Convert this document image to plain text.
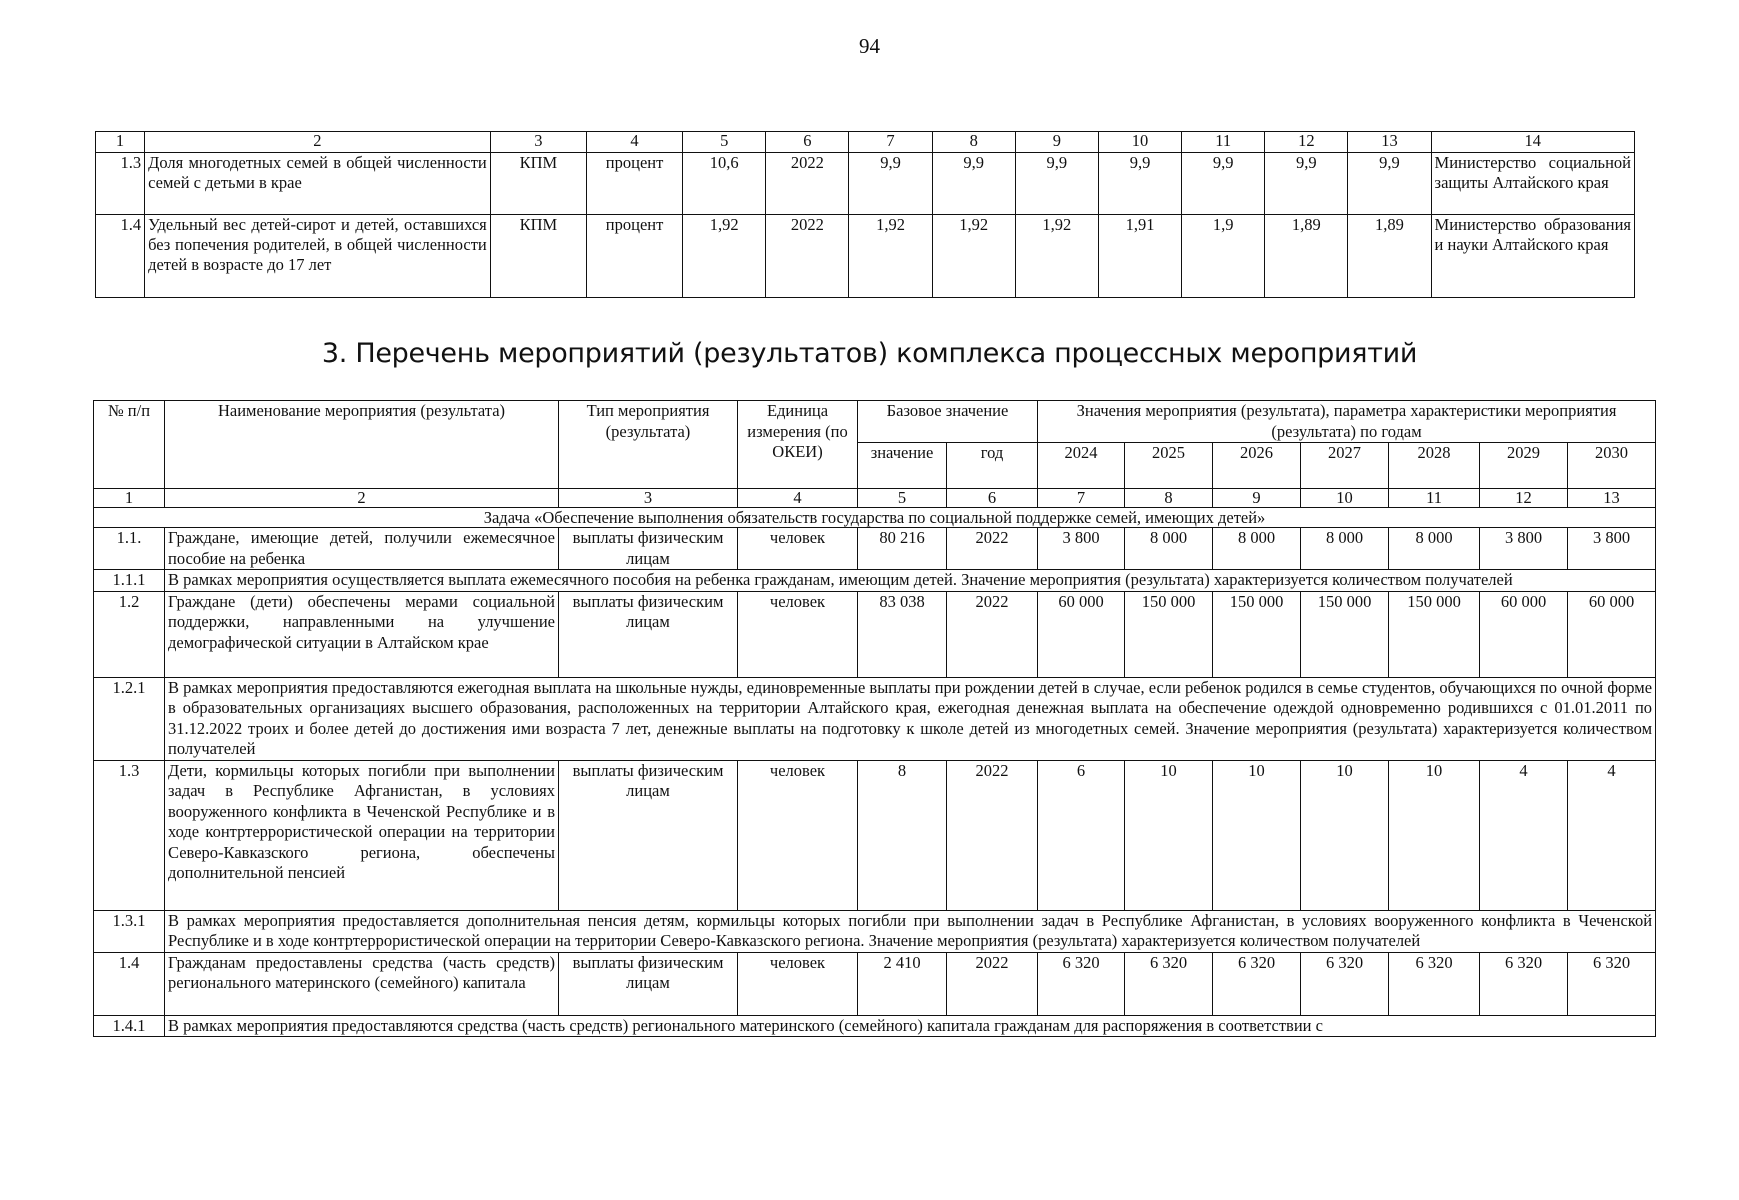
94
1	2	3	4	5	6	7	8	9	10	11	12	13	14
1.3	Доля многодетных семей в общей численности семей с детьми в крае	КПМ	процент	10,6	2022	9,9	9,9	9,9	9,9	9,9	9,9	9,9	Министерство социальной защиты Алтайского края
1.4	Удельный вес детей-сирот и детей, оставшихся без попечения родителей, в общей численности детей в возрасте до 17 лет	КПМ	процент	1,92	2022	1,92	1,92	1,92	1,91	1,9	1,89	1,89	Министерство образования и науки Алтайского края
3. Перечень мероприятий (результатов) комплекса процессных мероприятий
№ п/п	Наименование мероприятия (результата)	Тип мероприятия (результата)	Единица измерения (по ОКЕИ)	Базовое значение		Значения мероприятия (результата), параметра характеристики мероприятия (результата) по годам						
				значение	год	2024	2025	2026	2027	2028	2029	2030
1	2	3	4	5	6	7	8	9	10	11	12	13
Задача «Обеспечение выполнения обязательств государства по социальной поддержке семей, имеющих детей»												
1.1.	Граждане, имеющие детей, получили ежемесячное пособие на ребенка	выплаты физическим лицам	человек	80 216	2022	3 800	8 000	8 000	8 000	8 000	3 800	3 800
1.1.1	В рамках мероприятия осуществляется выплата ежемесячного пособия на ребенка гражданам, имеющим детей. Значение мероприятия (результата) характеризуется количеством получателей											
1.2	Граждане (дети) обеспечены мерами социальной поддержки, направленными на улучшение демографической ситуации в Алтайском крае	выплаты физическим лицам	человек	83 038	2022	60 000	150 000	150 000	150 000	150 000	60 000	60 000
1.2.1	В рамках мероприятия предоставляются ежегодная выплата на школьные нужды, единовременные выплаты при рождении детей в случае, если ребенок родился в семье студентов, обучающихся по очной форме в образовательных организациях высшего образования, расположенных на территории Алтайского края, ежегодная денежная выплата на обеспечение одеждой одновременно родившихся с 01.01.2011 по 31.12.2022 троих и более детей до достижения ими возраста 7 лет, денежные выплаты на подготовку к школе детей из многодетных семей. Значение мероприятия (результата) характеризуется количеством получателей											
1.3	Дети, кормильцы которых погибли при выполнении задач в Республике Афганистан, в условиях вооруженного конфликта в Чеченской Республике и в ходе контртеррористической операции на территории Северо-Кавказского региона, обеспечены дополнительной пенсией	выплаты физическим лицам	человек	8	2022	6	10	10	10	10	4	4
1.3.1	В рамках мероприятия предоставляется дополнительная пенсия детям, кормильцы которых погибли при выполнении задач в Республике Афганистан, в условиях вооруженного конфликта в Чеченской Республике и в ходе контртеррористической операции на территории Северо-Кавказского региона. Значение мероприятия (результата) характеризуется количеством получателей											
1.4	Гражданам предоставлены средства (часть средств) регионального материнского (семейного) капитала	выплаты физическим лицам	человек	2 410	2022	6 320	6 320	6 320	6 320	6 320	6 320	6 320
1.4.1	В рамках мероприятия предоставляются средства (часть средств) регионального материнского (семейного) капитала гражданам для распоряжения в соответствии с											
